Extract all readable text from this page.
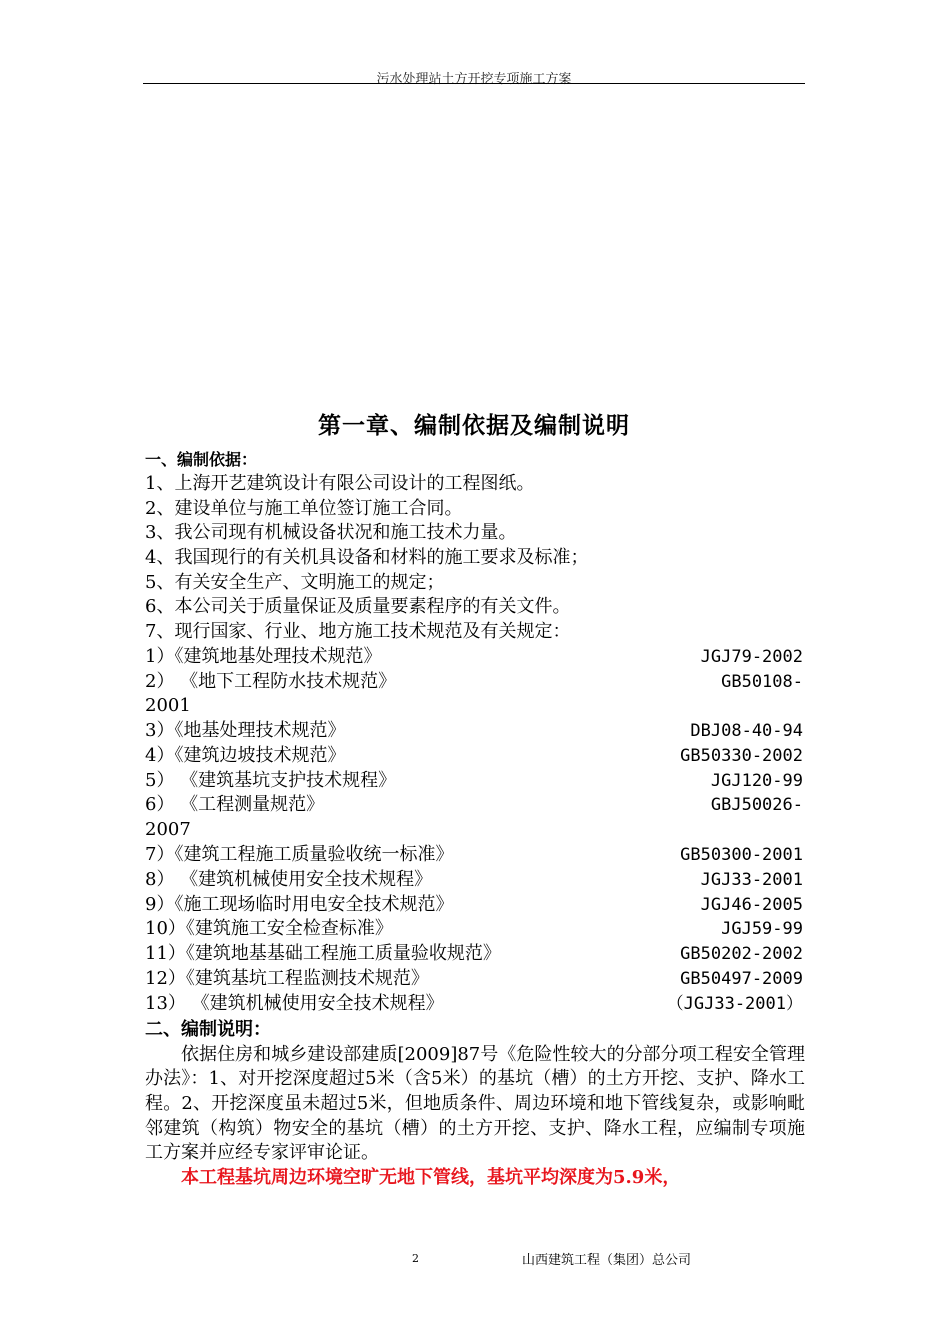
污水处理站土方开挖专项施工方案
第一章、编制依据及编制说明
一、编制依据：
1、上海开艺建筑设计有限公司设计的工程图纸。
2、建设单位与施工单位签订施工合同。
3、我公司现有机械设备状况和施工技术力量。
4、我国现行的有关机具设备和材料的施工要求及标准；
5、有关安全生产、文明施工的规定；
6、本公司关于质量保证及质量要素程序的有关文件。
7、现行国家、行业、地方施工技术规范及有关规定：
1）《建筑地基处理技术规范》	JGJ79-2002
2） 《地下工程防水技术规范》	GB50108-
2001
3）《地基处理技术规范》	DBJ08-40-94
4）《建筑边坡技术规范》	GB50330-2002
5） 《建筑基坑支护技术规程》	JGJ120-99
6） 《工程测量规范》	GBJ50026-
2007
7）《建筑工程施工质量验收统一标准》	GB50300-2001
8） 《建筑机械使用安全技术规程》	JGJ33-2001
9）《施工现场临时用电安全技术规范》	JGJ46-2005
10）《建筑施工安全检查标准》	JGJ59-99
11）《建筑地基基础工程施工质量验收规范》	GB50202-2002
12）《建筑基坑工程监测技术规范》	GB50497-2009
13） 《建筑机械使用安全技术规程》	（JGJ33-2001）
二、编制说明：

依据住房和城乡建设部建质[2009]87号《危险性较大的分部分项工程安全管理办法》：1、对开挖深度超过5米（含5米）的基坑（槽）的土方开挖、支护、降水工程。2、开挖深度虽未超过5米，但地质条件、周边环境和地下管线复杂，或影响毗邻建筑（构筑）物安全的基坑（槽）的土方开挖、支护、降水工程，应编制专项施工方案并应经专家评审论证。

本工程基坑周边环境空旷无地下管线，基坑平均深度为5.9米，

2	山西建筑工程（集团）总公司
